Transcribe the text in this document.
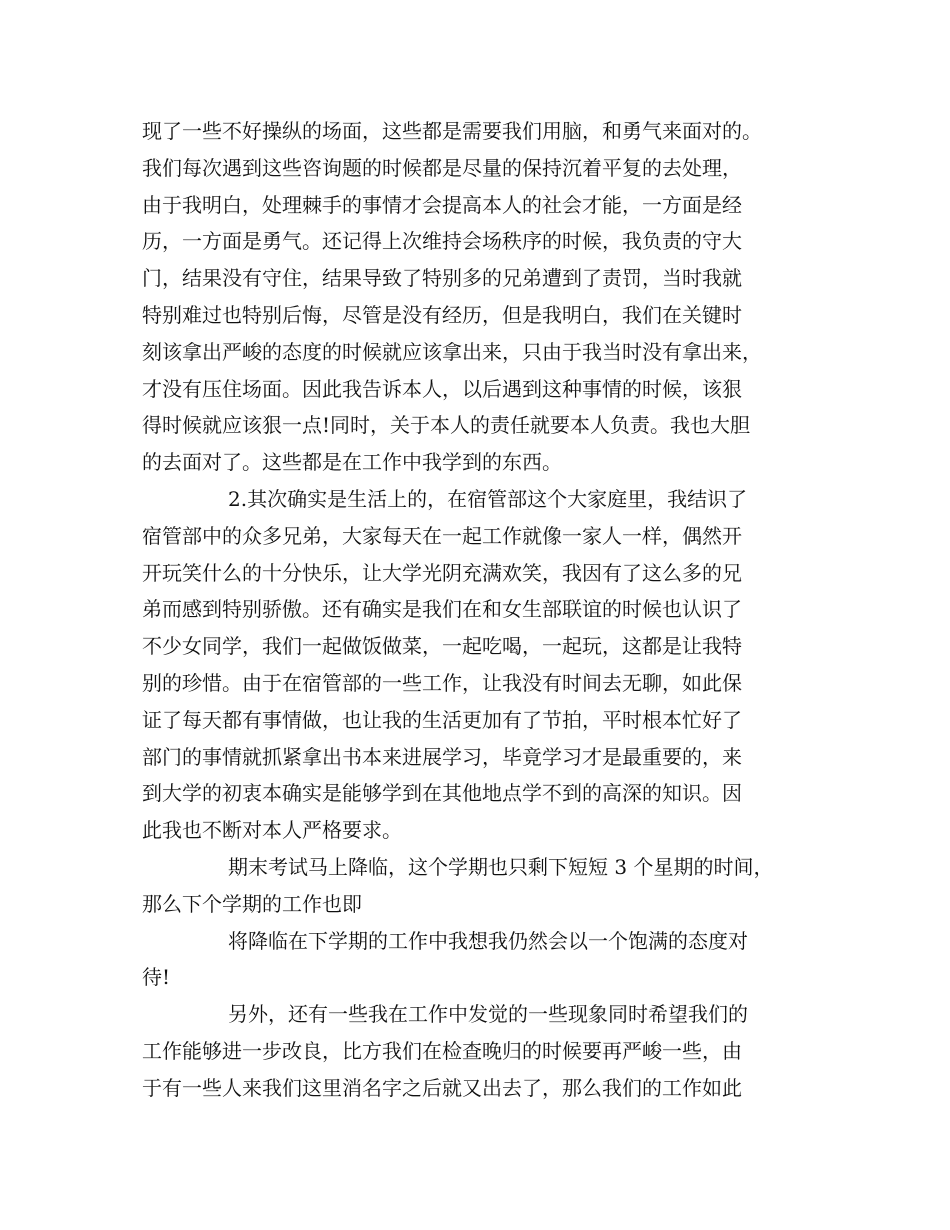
现了一些不好操纵的场面，这些都是需要我们用脑，和勇气来面对的。
我们每次遇到这些咨询题的时候都是尽量的保持沉着平复的去处理，
由于我明白，处理棘手的事情才会提高本人的社会才能，一方面是经
历，一方面是勇气。还记得上次维持会场秩序的时候，我负责的守大
门，结果没有守住，结果导致了特别多的兄弟遭到了责罚，当时我就
特别难过也特别后悔，尽管是没有经历，但是我明白，我们在关键时
刻该拿出严峻的态度的时候就应该拿出来，只由于我当时没有拿出来，
才没有压住场面。因此我告诉本人，以后遇到这种事情的时候，该狠
得时候就应该狠一点!同时，关于本人的责任就要本人负责。我也大胆
的去面对了。这些都是在工作中我学到的东西。
2.其次确实是生活上的，在宿管部这个大家庭里，我结识了
宿管部中的众多兄弟，大家每天在一起工作就像一家人一样，偶然开
开玩笑什么的十分快乐，让大学光阴充满欢笑，我因有了这么多的兄
弟而感到特别骄傲。还有确实是我们在和女生部联谊的时候也认识了
不少女同学，我们一起做饭做菜，一起吃喝，一起玩，这都是让我特
别的珍惜。由于在宿管部的一些工作，让我没有时间去无聊，如此保
证了每天都有事情做，也让我的生活更加有了节拍，平时根本忙好了
部门的事情就抓紧拿出书本来进展学习，毕竟学习才是最重要的，来
到大学的初衷本确实是能够学到在其他地点学不到的高深的知识。因
此我也不断对本人严格要求。
期末考试马上降临，这个学期也只剩下短短 3 个星期的时间，
那么下个学期的工作也即
将降临在下学期的工作中我想我仍然会以一个饱满的态度对
待!
另外，还有一些我在工作中发觉的一些现象同时希望我们的
工作能够进一步改良，比方我们在检查晚归的时候要再严峻一些，由
于有一些人来我们这里消名字之后就又出去了，那么我们的工作如此
